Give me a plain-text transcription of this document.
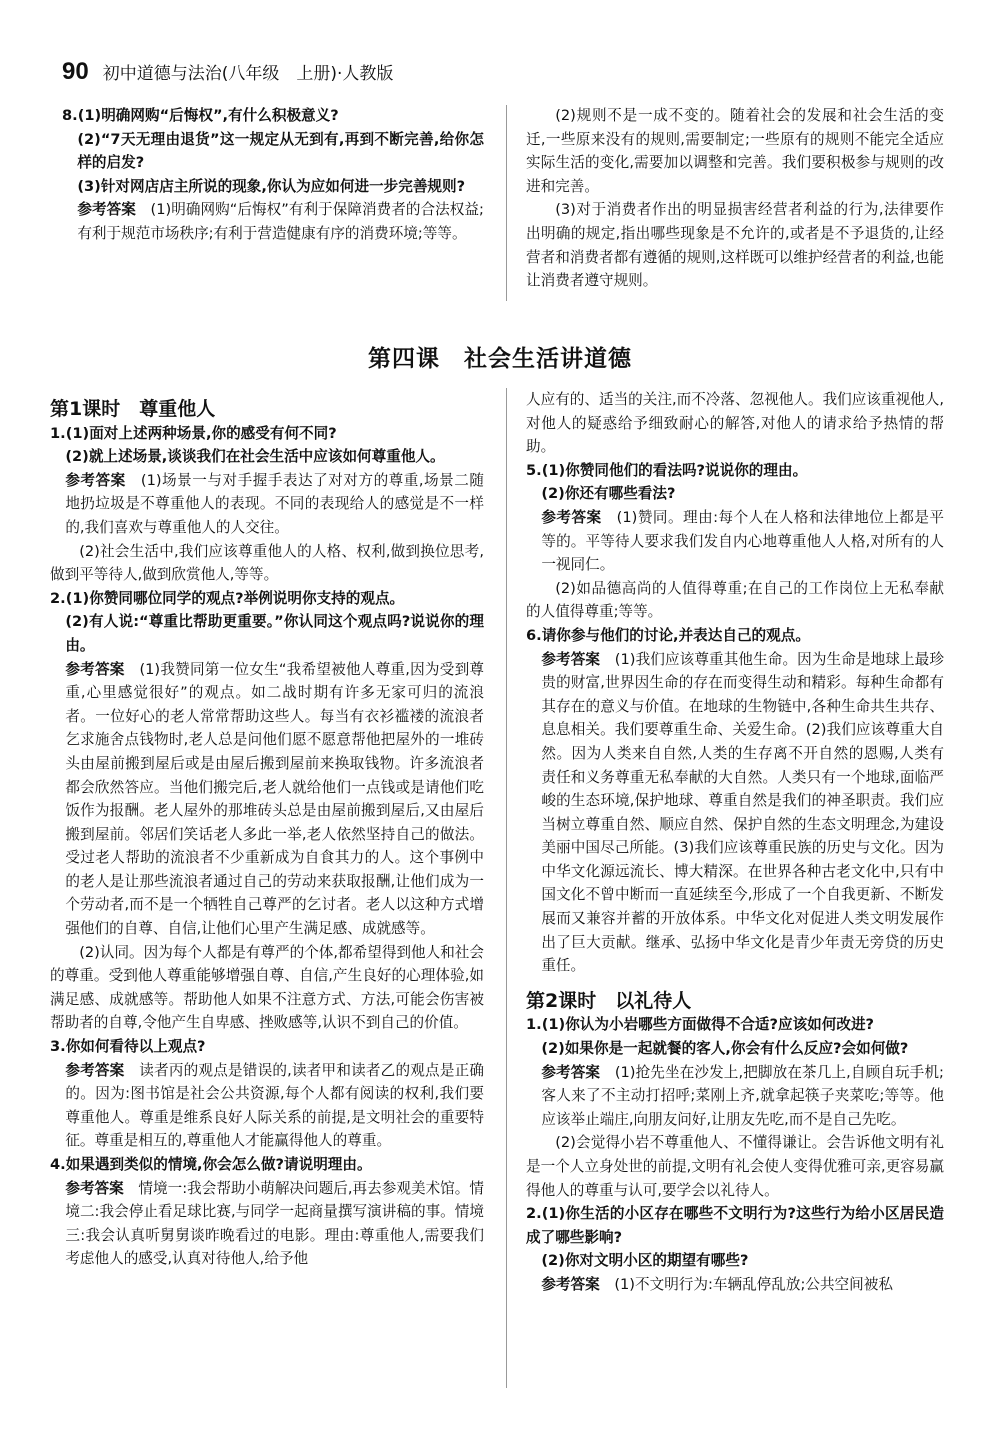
90 初中道德与法治(八年级　上册)·人教版

8.(1)明确网购“后悔权”,有什么积极意义?

(2)“7天无理由退货”这一规定从无到有,再到不断完善,给你怎样的启发?

(3)针对网店店主所说的现象,你认为应如何进一步完善规则?

参考答案　 (1)明确网购“后悔权”有利于保障消费者的合法权益;有利于规范市场秩序;有利于营造健康有序的消费环境;等等。

(2)规则不是一成不变的。随着社会的发展和社会生活的变迁,一些原来没有的规则,需要制定;一些原有的规则不能完全适应实际生活的变化,需要加以调整和完善。我们要积极参与规则的改进和完善。

(3)对于消费者作出的明显损害经营者利益的行为,法律要作出明确的规定,指出哪些现象是不允许的,或者是不予退货的,让经营者和消费者都有遵循的规则,这样既可以维护经营者的利益,也能让消费者遵守规则。

第四课　社会生活讲道德

第1课时　尊重他人

1.(1)面对上述两种场景,你的感受有何不同?

(2)就上述场景,谈谈我们在社会生活中应该如何尊重他人。

参考答案　 (1)场景一与对手握手表达了对对方的尊重,场景二随地扔垃圾是不尊重他人的表现。不同的表现给人的感觉是不一样的,我们喜欢与尊重他人的人交往。

(2)社会生活中,我们应该尊重他人的人格、权利,做到换位思考,做到平等待人,做到欣赏他人,等等。

2.(1)你赞同哪位同学的观点?举例说明你支持的观点。

(2)有人说:“尊重比帮助更重要。”你认同这个观点吗?说说你的理由。

参考答案　 (1)我赞同第一位女生“我希望被他人尊重,因为受到尊重,心里感觉很好”的观点。如二战时期有许多无家可归的流浪者。一位好心的老人常常帮助这些人。每当有衣衫褴褛的流浪者乞求施舍点钱物时,老人总是问他们愿不愿意帮他把屋外的一堆砖头由屋前搬到屋后或是由屋后搬到屋前来换取钱物。许多流浪者都会欣然答应。当他们搬完后,老人就给他们一点钱或是请他们吃饭作为报酬。老人屋外的那堆砖头总是由屋前搬到屋后,又由屋后搬到屋前。邻居们笑话老人多此一举,老人依然坚持自己的做法。受过老人帮助的流浪者不少重新成为自食其力的人。这个事例中的老人是让那些流浪者通过自己的劳动来获取报酬,让他们成为一个劳动者,而不是一个牺牲自己尊严的乞讨者。老人以这种方式增强他们的自尊、自信,让他们心里产生满足感、成就感等。

(2)认同。因为每个人都是有尊严的个体,都希望得到他人和社会的尊重。受到他人尊重能够增强自尊、自信,产生良好的心理体验,如满足感、成就感等。帮助他人如果不注意方式、方法,可能会伤害被帮助者的自尊,令他产生自卑感、挫败感等,认识不到自己的价值。

3.你如何看待以上观点?

参考答案　 读者丙的观点是错误的,读者甲和读者乙的观点是正确的。因为:图书馆是社会公共资源,每个人都有阅读的权利,我们要尊重他人。尊重是维系良好人际关系的前提,是文明社会的重要特征。尊重是相互的,尊重他人才能赢得他人的尊重。

4.如果遇到类似的情境,你会怎么做?请说明理由。

参考答案　 情境一:我会帮助小萌解决问题后,再去参观美术馆。情境二:我会停止看足球比赛,与同学一起商量撰写演讲稿的事。情境三:我会认真听舅舅谈昨晚看过的电影。理由:尊重他人,需要我们考虑他人的感受,认真对待他人,给予他

人应有的、适当的关注,而不冷落、忽视他人。我们应该重视他人,对他人的疑惑给予细致耐心的解答,对他人的请求给予热情的帮助。

5.(1)你赞同他们的看法吗?说说你的理由。

(2)你还有哪些看法?

参考答案　 (1)赞同。理由:每个人在人格和法律地位上都是平等的。平等待人要求我们发自内心地尊重他人人格,对所有的人一视同仁。

(2)如品德高尚的人值得尊重;在自己的工作岗位上无私奉献的人值得尊重;等等。

6.请你参与他们的讨论,并表达自己的观点。

参考答案　 (1)我们应该尊重其他生命。因为生命是地球上最珍贵的财富,世界因生命的存在而变得生动和精彩。每种生命都有其存在的意义与价值。在地球的生物链中,各种生命共生共存、息息相关。我们要尊重生命、关爱生命。(2)我们应该尊重大自然。因为人类来自自然,人类的生存离不开自然的恩赐,人类有责任和义务尊重无私奉献的大自然。人类只有一个地球,面临严峻的生态环境,保护地球、尊重自然是我们的神圣职责。我们应当树立尊重自然、顺应自然、保护自然的生态文明理念,为建设美丽中国尽己所能。(3)我们应该尊重民族的历史与文化。因为中华文化源远流长、博大精深。在世界各种古老文化中,只有中国文化不曾中断而一直延续至今,形成了一个自我更新、不断发展而又兼容并蓄的开放体系。中华文化对促进人类文明发展作出了巨大贡献。继承、弘扬中华文化是青少年责无旁贷的历史重任。

第2课时　以礼待人

1.(1)你认为小岩哪些方面做得不合适?应该如何改进?

(2)如果你是一起就餐的客人,你会有什么反应?会如何做?

参考答案　 (1)抢先坐在沙发上,把脚放在茶几上,自顾自玩手机;客人来了不主动打招呼;菜刚上齐,就拿起筷子夹菜吃;等等。他应该举止端庄,向朋友问好,让朋友先吃,而不是自己先吃。

(2)会觉得小岩不尊重他人、不懂得谦让。会告诉他文明有礼是一个人立身处世的前提,文明有礼会使人变得优雅可亲,更容易赢得他人的尊重与认可,要学会以礼待人。

2.(1)你生活的小区存在哪些不文明行为?这些行为给小区居民造成了哪些影响?

(2)你对文明小区的期望有哪些?

参考答案　 (1)不文明行为:车辆乱停乱放;公共空间被私
